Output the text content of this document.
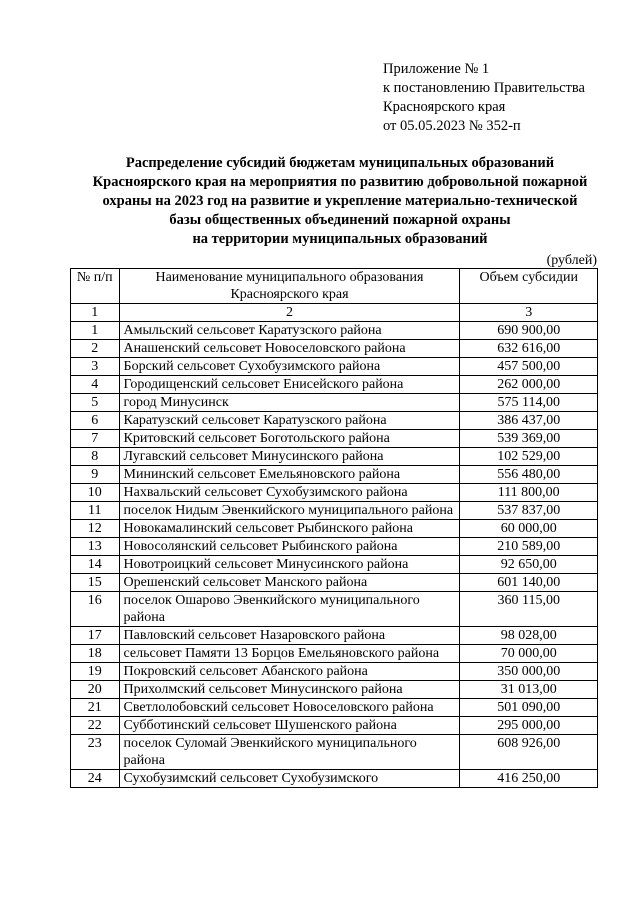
Приложение № 1
к постановлению Правительства
Красноярского края
от 05.05.2023 № 352-п
Распределение субсидий бюджетам муниципальных образований
Красноярского края на мероприятия по развитию добровольной пожарной
охраны на 2023 год на развитие и укрепление материально-технической
базы общественных объединений пожарной охраны
на территории муниципальных образований
(рублей)
№ п/п	Наименование муниципального образования Красноярского края	Объем субсидии
1	2	3
1	Амыльский сельсовет Каратузского района	690 900,00
2	Анашенский сельсовет Новоселовского района	632 616,00
3	Борский сельсовет Сухобузимского района	457 500,00
4	Городищенский сельсовет Енисейского района	262 000,00
5	город Минусинск	575 114,00
6	Каратузский сельсовет Каратузского района	386 437,00
7	Критовский сельсовет Боготольского района	539 369,00
8	Лугавский сельсовет Минусинского района	102 529,00
9	Мининский сельсовет Емельяновского района	556 480,00
10	Нахвальский сельсовет Сухобузимского района	111 800,00
11	поселок Нидым Эвенкийского муниципального района	537 837,00
12	Новокамалинский сельсовет Рыбинского района	60 000,00
13	Новосолянский сельсовет Рыбинского района	210 589,00
14	Новотроицкий сельсовет Минусинского района	92 650,00
15	Орешенский сельсовет Манского района	601 140,00
16	поселок Ошарово Эвенкийского муниципального района	360 115,00
17	Павловский сельсовет Назаровского района	98 028,00
18	сельсовет Памяти 13 Борцов Емельяновского района	70 000,00
19	Покровский сельсовет Абанского района	350 000,00
20	Прихолмский сельсовет Минусинского района	31 013,00
21	Светлолобовский сельсовет Новоселовского района	501 090,00
22	Субботинский сельсовет Шушенского района	295 000,00
23	поселок Суломай Эвенкийского муниципального района	608 926,00
24	Сухобузимский сельсовет Сухобузимского	416 250,00
